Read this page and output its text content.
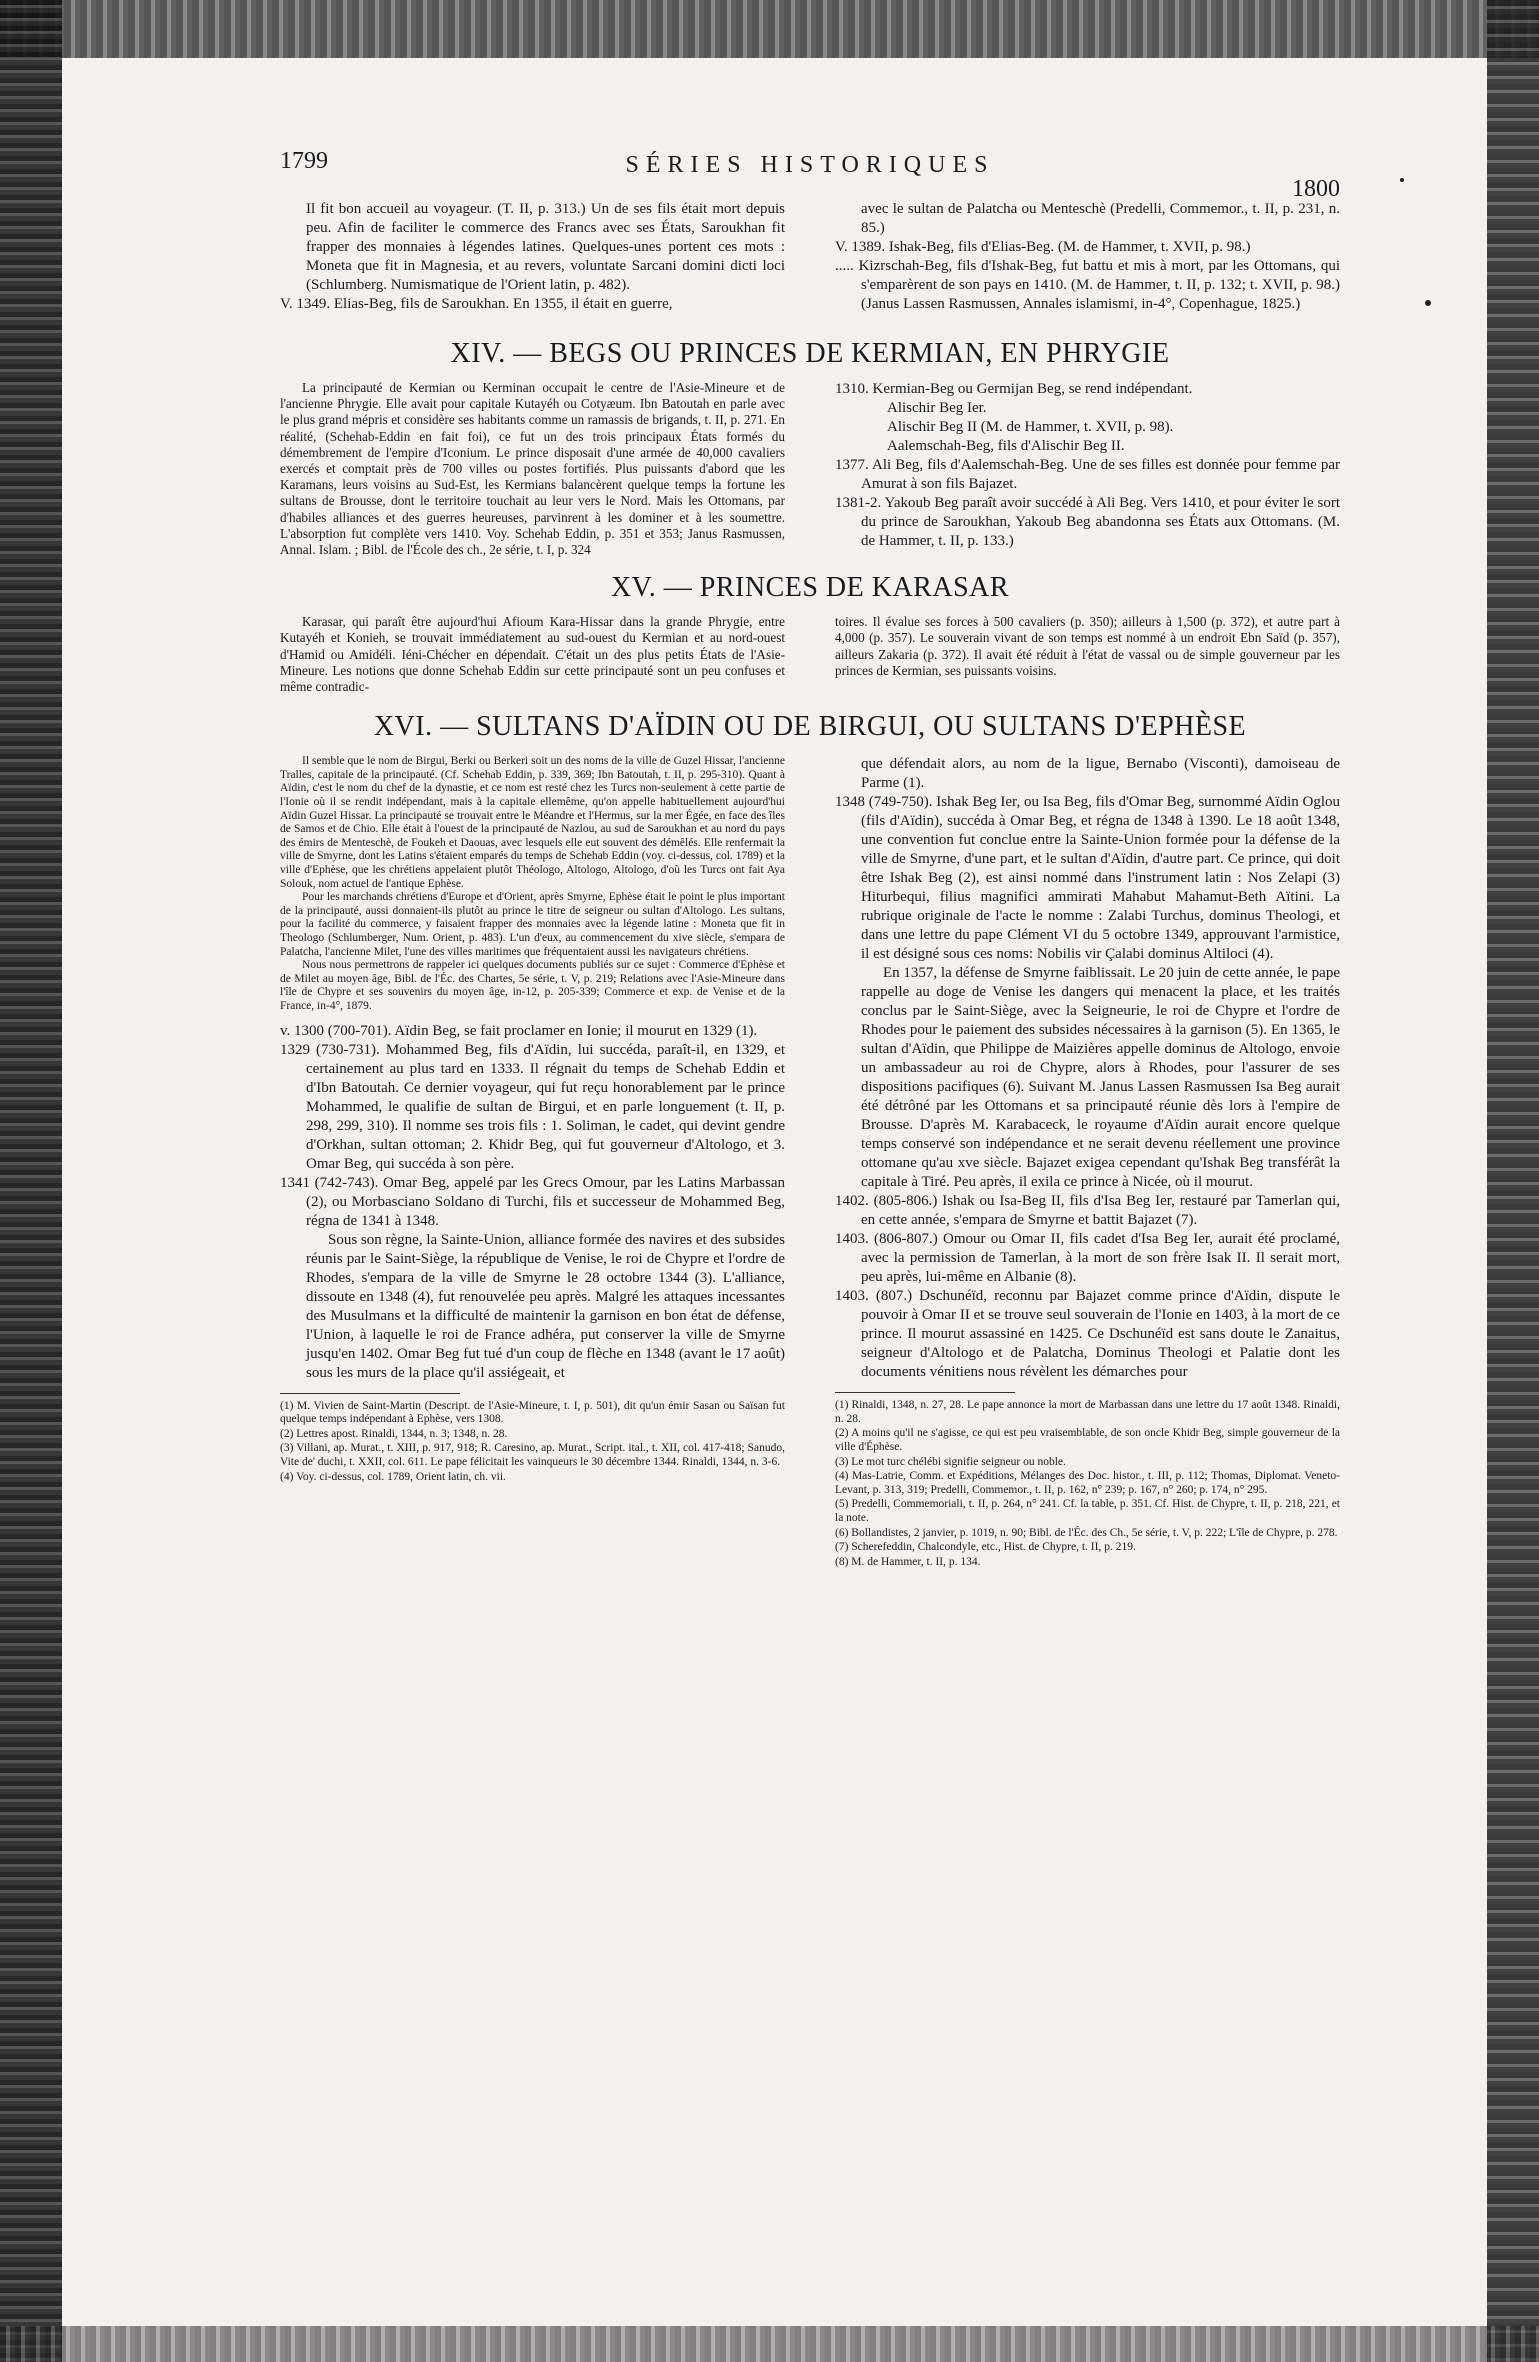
1799	SÉRIES HISTORIQUES
1800

Il fit bon accueil au voyageur. (T. II, p. 313.) Un de ses fils était mort depuis peu. Afin de faciliter le commerce des Francs avec ses États, Saroukhan fit frapper des monnaies à légendes latines. Quelques-unes portent ces mots : Moneta que fit in Magnesia, et au revers, voluntate Sarcani domini dicti loci (Schlumberg. Numismatique de l'Orient latin, p. 482).

V. 1349. Elias-Beg, fils de Saroukhan. En 1355, il était en guerre,

avec le sultan de Palatcha ou Menteschè (Predelli, Commemor., t. II, p. 231, n. 85.)

V. 1389. Ishak-Beg, fils d'Elias-Beg. (M. de Hammer, t. XVII, p. 98.)

..... Kizrschah-Beg, fils d'Ishak-Beg, fut battu et mis à mort, par les Ottomans, qui s'emparèrent de son pays en 1410. (M. de Hammer, t. II, p. 132; t. XVII, p. 98.) (Janus Lassen Rasmussen, Annales islamismi, in-4°, Copenhague, 1825.)

XIV. — BEGS OU PRINCES DE KERMIAN, EN PHRYGIE

La principauté de Kermian ou Kerminan occupait le centre de l'Asie-Mineure et de l'ancienne Phrygie. Elle avait pour capitale Kutayéh ou Cotyæum. Ibn Batoutah en parle avec le plus grand mépris et considère ses habitants comme un ramassis de brigands, t. II, p. 271. En réalité, (Schehab-Eddin en fait foi), ce fut un des trois principaux États formés du démembrement de l'empire d'Iconium. Le prince disposait d'une armée de 40,000 cavaliers exercés et comptait près de 700 villes ou postes fortifiés. Plus puissants d'abord que les Karamans, leurs voisins au Sud-Est, les Kermians balancèrent quelque temps la fortune les sultans de Brousse, dont le territoire touchait au leur vers le Nord. Mais les Ottomans, par d'habiles alliances et des guerres heureuses, parvinrent à les dominer et à les soumettre. L'absorption fut complète vers 1410. Voy. Schehab Eddin, p. 351 et 353; Janus Rasmussen, Annal. Islam. ; Bibl. de l'École des ch., 2e série, t. I, p. 324

1310. Kermian-Beg ou Germijan Beg, se rend indépendant.

Alischir Beg Ier.

Alischir Beg II (M. de Hammer, t. XVII, p. 98).

Aalemschah-Beg, fils d'Alischir Beg II.

1377. Ali Beg, fils d'Aalemschah-Beg. Une de ses filles est donnée pour femme par Amurat à son fils Bajazet.

1381-2. Yakoub Beg paraît avoir succédé à Ali Beg. Vers 1410, et pour éviter le sort du prince de Saroukhan, Yakoub Beg abandonna ses États aux Ottomans. (M. de Hammer, t. II, p. 133.)

XV. — PRINCES DE KARASAR

Karasar, qui paraît être aujourd'hui Afioum Kara-Hissar dans la grande Phrygie, entre Kutayéh et Konieh, se trouvait immédiatement au sud-ouest du Kermian et au nord-ouest d'Hamid ou Amidéli. Iéni-Chécher en dépendait. C'était un des plus petits États de l'Asie-Mineure. Les notions que donne Schehab Eddin sur cette principauté sont un peu confuses et même contradic-

toires. Il évalue ses forces à 500 cavaliers (p. 350); ailleurs à 1,500 (p. 372), et autre part à 4,000 (p. 357). Le souverain vivant de son temps est nommé à un endroit Ebn Saïd (p. 357), ailleurs Zakaria (p. 372). Il avait été réduit à l'état de vassal ou de simple gouverneur par les princes de Kermian, ses puissants voisins.

XVI. — SULTANS D'AÏDIN OU DE BIRGUI, OU SULTANS D'EPHÈSE

Il semble que le nom de Birgui, Berki ou Berkeri soit un des noms de la ville de Guzel Hissar, l'ancienne Tralles, capitale de la principauté. (Cf. Schehab Eddin, p. 339, 369; Ibn Batoutah, t. II, p. 295-310). Quant à Aïdin, c'est le nom du chef de la dynastie, et ce nom est resté chez les Turcs non-seulement à cette partie de l'Ionie où il se rendit indépendant, mais à la capitale ellemême, qu'on appelle habituellement aujourd'hui Aïdin Guzel Hissar. La principauté se trouvait entre le Méandre et l'Hermus, sur la mer Égée, en face des îles de Samos et de Chio. Elle était à l'ouest de la principauté de Nazlou, au sud de Saroukhan et au nord du pays des émirs de Menteschè, de Foukeh et Daouas, avec lesquels elle eut souvent des démêlés. Elle renfermait la ville de Smyrne, dont les Latins s'étaient emparés du temps de Schehab Eddin (voy. ci-dessus, col. 1789) et la ville d'Ephèse, que les chrétiens appelaient plutôt Théologo, Altologo, Altologo, d'où les Turcs ont fait Aya Solouk, nom actuel de l'antique Ephèse.

Pour les marchands chrétiens d'Europe et d'Orient, après Smyrne, Ephèse était le point le plus important de la principauté, aussi donnaient-ils plutôt au prince le titre de seigneur ou sultan d'Altologo. Les sultans, pour la facilité du commerce, y faisaient frapper des monnaies avec la légende latine : Moneta que fit in Theologo (Schlumberger, Num. Orient, p. 483). L'un d'eux, au commencement du xive siècle, s'empara de Palatcha, l'ancienne Milet, l'une des villes maritimes que fréquentaient aussi les navigateurs chrétiens.

Nous nous permettrons de rappeler ici quelques documents publiés sur ce sujet : Commerce d'Ephèse et de Milet au moyen âge, Bibl. de l'Éc. des Chartes, 5e série, t. V, p. 219; Relations avec l'Asie-Mineure dans l'île de Chypre et ses souvenirs du moyen âge, in-12, p. 205-339; Commerce et exp. de Venise et de la France, in-4°, 1879.

v. 1300 (700-701). Aïdin Beg, se fait proclamer en Ionie; il mourut en 1329 (1).

1329 (730-731). Mohammed Beg, fils d'Aïdin, lui succéda, paraît-il, en 1329, et certainement au plus tard en 1333. Il régnait du temps de Schehab Eddin et d'Ibn Batoutah. Ce dernier voyageur, qui fut reçu honorablement par le prince Mohammed, le qualifie de sultan de Birgui, et en parle longuement (t. II, p. 298, 299, 310). Il nomme ses trois fils : 1. Soliman, le cadet, qui devint gendre d'Orkhan, sultan ottoman; 2. Khidr Beg, qui fut gouverneur d'Altologo, et 3. Omar Beg, qui succéda à son père.

1341 (742-743). Omar Beg, appelé par les Grecs Omour, par les Latins Marbassan (2), ou Morbasciano Soldano di Turchi, fils et successeur de Mohammed Beg, régna de 1341 à 1348.

Sous son règne, la Sainte-Union, alliance formée des navires et des subsides réunis par le Saint-Siège, la république de Venise, le roi de Chypre et l'ordre de Rhodes, s'empara de la ville de Smyrne le 28 octobre 1344 (3). L'alliance, dissoute en 1348 (4), fut renouvelée peu après. Malgré les attaques incessantes des Musulmans et la difficulté de maintenir la garnison en bon état de défense, l'Union, à laquelle le roi de France adhéra, put conserver la ville de Smyrne jusqu'en 1402. Omar Beg fut tué d'un coup de flèche en 1348 (avant le 17 août) sous les murs de la place qu'il assiégeait, et

(1) M. Vivien de Saint-Martin (Descript. de l'Asie-Mineure, t. I, p. 501), dit qu'un émir Sasan ou Saïsan fut quelque temps indépendant à Ephèse, vers 1308.

(2) Lettres apost. Rinaldi, 1344, n. 3; 1348, n. 28.

(3) Villani, ap. Murat., t. XIII, p. 917, 918; R. Caresino, ap. Murat., Script. ital., t. XII, col. 417-418; Sanudo, Vite de' duchi, t. XXII, col. 611. Le pape félicitait les vainqueurs le 30 décembre 1344. Rinaldi, 1344, n. 3-6.

(4) Voy. ci-dessus, col. 1789, Orient latin, ch. vii.

que défendait alors, au nom de la ligue, Bernabo (Visconti), damoiseau de Parme (1).

1348 (749-750). Ishak Beg Ier, ou Isa Beg, fils d'Omar Beg, surnommé Aïdin Oglou (fils d'Aïdin), succéda à Omar Beg, et régna de 1348 à 1390. Le 18 août 1348, une convention fut conclue entre la Sainte-Union formée pour la défense de la ville de Smyrne, d'une part, et le sultan d'Aïdin, d'autre part. Ce prince, qui doit être Ishak Beg (2), est ainsi nommé dans l'instrument latin : Nos Zelapi (3) Hiturbequi, filius magnifici ammirati Mahabut Mahamut-Beth Aïtini. La rubrique originale de l'acte le nomme : Zalabi Turchus, dominus Theologi, et dans une lettre du pape Clément VI du 5 octobre 1349, approuvant l'armistice, il est désigné sous ces noms: Nobilis vir Çalabi dominus Altiloci (4).

En 1357, la défense de Smyrne faiblissait. Le 20 juin de cette année, le pape rappelle au doge de Venise les dangers qui menacent la place, et les traités conclus par le Saint-Siège, avec la Seigneurie, le roi de Chypre et l'ordre de Rhodes pour le paiement des subsides nécessaires à la garnison (5). En 1365, le sultan d'Aïdin, que Philippe de Maizières appelle dominus de Altologo, envoie un ambassadeur au roi de Chypre, alors à Rhodes, pour l'assurer de ses dispositions pacifiques (6). Suivant M. Janus Lassen Rasmussen Isa Beg aurait été détrôné par les Ottomans et sa principauté réunie dès lors à l'empire de Brousse. D'après M. Karabaceck, le royaume d'Aïdin aurait encore quelque temps conservé son indépendance et ne serait devenu réellement une province ottomane qu'au xve siècle. Bajazet exigea cependant qu'Ishak Beg transférât la capitale à Tiré. Peu après, il exila ce prince à Nicée, où il mourut.

1402. (805-806.) Ishak ou Isa-Beg II, fils d'Isa Beg Ier, restauré par Tamerlan qui, en cette année, s'empara de Smyrne et battit Bajazet (7).

1403. (806-807.) Omour ou Omar II, fils cadet d'Isa Beg Ier, aurait été proclamé, avec la permission de Tamerlan, à la mort de son frère Isak II. Il serait mort, peu après, lui-même en Albanie (8).

1403. (807.) Dschunéïd, reconnu par Bajazet comme prince d'Aïdin, dispute le pouvoir à Omar II et se trouve seul souverain de l'Ionie en 1403, à la mort de ce prince. Il mourut assassiné en 1425. Ce Dschunéïd est sans doute le Zanaitus, seigneur d'Altologo et de Palatcha, Dominus Theologi et Palatie dont les documents vénitiens nous révèlent les démarches pour

(1) Rinaldi, 1348, n. 27, 28. Le pape annonce la mort de Marbassan dans une lettre du 17 août 1348. Rinaldi, n. 28.

(2) A moins qu'il ne s'agisse, ce qui est peu vraisemblable, de son oncle Khidr Beg, simple gouverneur de la ville d'Éphèse.

(3) Le mot turc chélébi signifie seigneur ou noble.

(4) Mas-Latrie, Comm. et Expéditions, Mélanges des Doc. histor., t. III, p. 112; Thomas, Diplomat. Veneto-Levant, p. 313, 319; Predelli, Commemor., t. II, p. 162, n° 239; p. 167, n° 260; p. 174, n° 295.

(5) Predelli, Commemoriali, t. II, p. 264, n° 241. Cf. la table, p. 351. Cf. Hist. de Chypre, t. II, p. 218, 221, et la note.

(6) Bollandistes, 2 janvier, p. 1019, n. 90; Bibl. de l'Éc. des Ch., 5e série, t. V, p. 222; L'île de Chypre, p. 278.

(7) Scherefeddin, Chalcondyle, etc., Hist. de Chypre, t. II, p. 219.

(8) M. de Hammer, t. II, p. 134.
